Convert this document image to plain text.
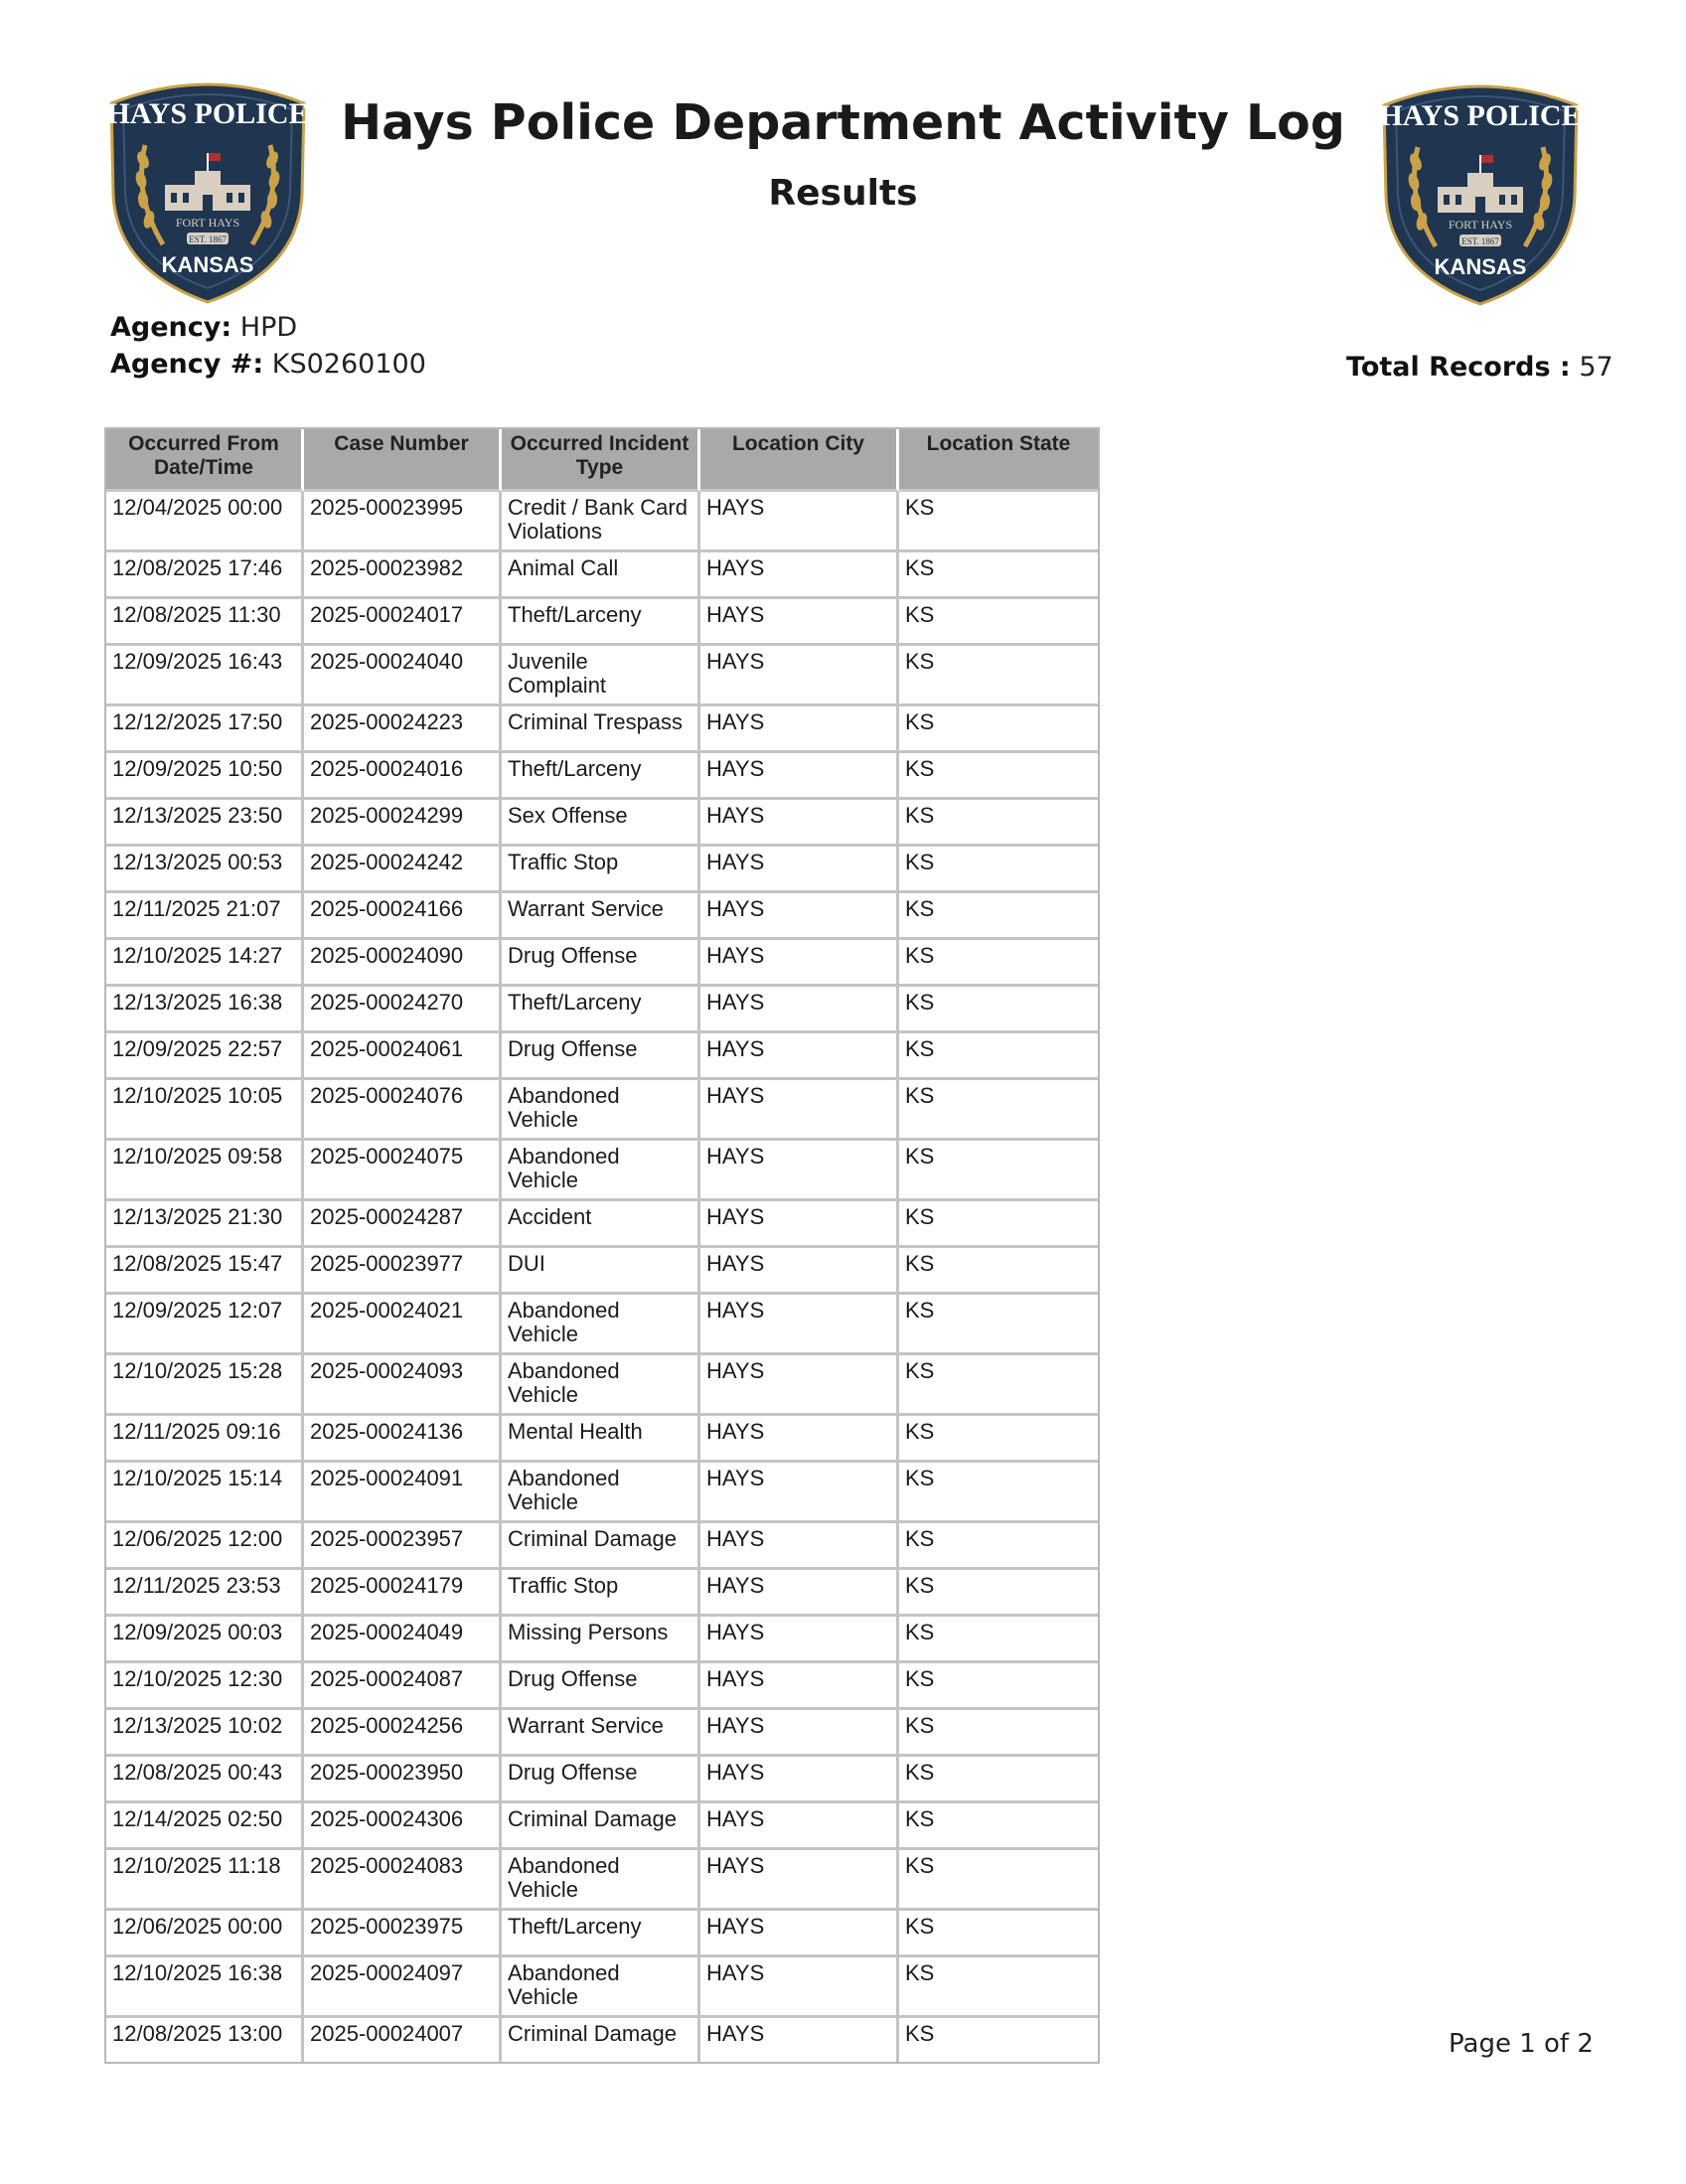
HAYS POLICE
FORT HAYS
EST. 1867
KANSAS
HAYS POLICE
FORT HAYS
EST. 1867
KANSAS
Hays Police Department Activity Log
Results
Agency: HPD
Agency #: KS0260100	Total Records : 57
Occurred From Date/Time	Case Number	Occurred Incident Type	Location City	Location State
12/04/2025 00:00	2025-00023995	Credit / Bank Card Violations	HAYS	KS
12/08/2025 17:46	2025-00023982	Animal Call	HAYS	KS
12/08/2025 11:30	2025-00024017	Theft/Larceny	HAYS	KS
12/09/2025 16:43	2025-00024040	Juvenile Complaint	HAYS	KS
12/12/2025 17:50	2025-00024223	Criminal Trespass	HAYS	KS
12/09/2025 10:50	2025-00024016	Theft/Larceny	HAYS	KS
12/13/2025 23:50	2025-00024299	Sex Offense	HAYS	KS
12/13/2025 00:53	2025-00024242	Traffic Stop	HAYS	KS
12/11/2025 21:07	2025-00024166	Warrant Service	HAYS	KS
12/10/2025 14:27	2025-00024090	Drug Offense	HAYS	KS
12/13/2025 16:38	2025-00024270	Theft/Larceny	HAYS	KS
12/09/2025 22:57	2025-00024061	Drug Offense	HAYS	KS
12/10/2025 10:05	2025-00024076	Abandoned Vehicle	HAYS	KS
12/10/2025 09:58	2025-00024075	Abandoned Vehicle	HAYS	KS
12/13/2025 21:30	2025-00024287	Accident	HAYS	KS
12/08/2025 15:47	2025-00023977	DUI	HAYS	KS
12/09/2025 12:07	2025-00024021	Abandoned Vehicle	HAYS	KS
12/10/2025 15:28	2025-00024093	Abandoned Vehicle	HAYS	KS
12/11/2025 09:16	2025-00024136	Mental Health	HAYS	KS
12/10/2025 15:14	2025-00024091	Abandoned Vehicle	HAYS	KS
12/06/2025 12:00	2025-00023957	Criminal Damage	HAYS	KS
12/11/2025 23:53	2025-00024179	Traffic Stop	HAYS	KS
12/09/2025 00:03	2025-00024049	Missing Persons	HAYS	KS
12/10/2025 12:30	2025-00024087	Drug Offense	HAYS	KS
12/13/2025 10:02	2025-00024256	Warrant Service	HAYS	KS
12/08/2025 00:43	2025-00023950	Drug Offense	HAYS	KS
12/14/2025 02:50	2025-00024306	Criminal Damage	HAYS	KS
12/10/2025 11:18	2025-00024083	Abandoned Vehicle	HAYS	KS
12/06/2025 00:00	2025-00023975	Theft/Larceny	HAYS	KS
12/10/2025 16:38	2025-00024097	Abandoned Vehicle	HAYS	KS
12/08/2025 13:00	2025-00024007	Criminal Damage	HAYS	KS	Page 1 of 2
